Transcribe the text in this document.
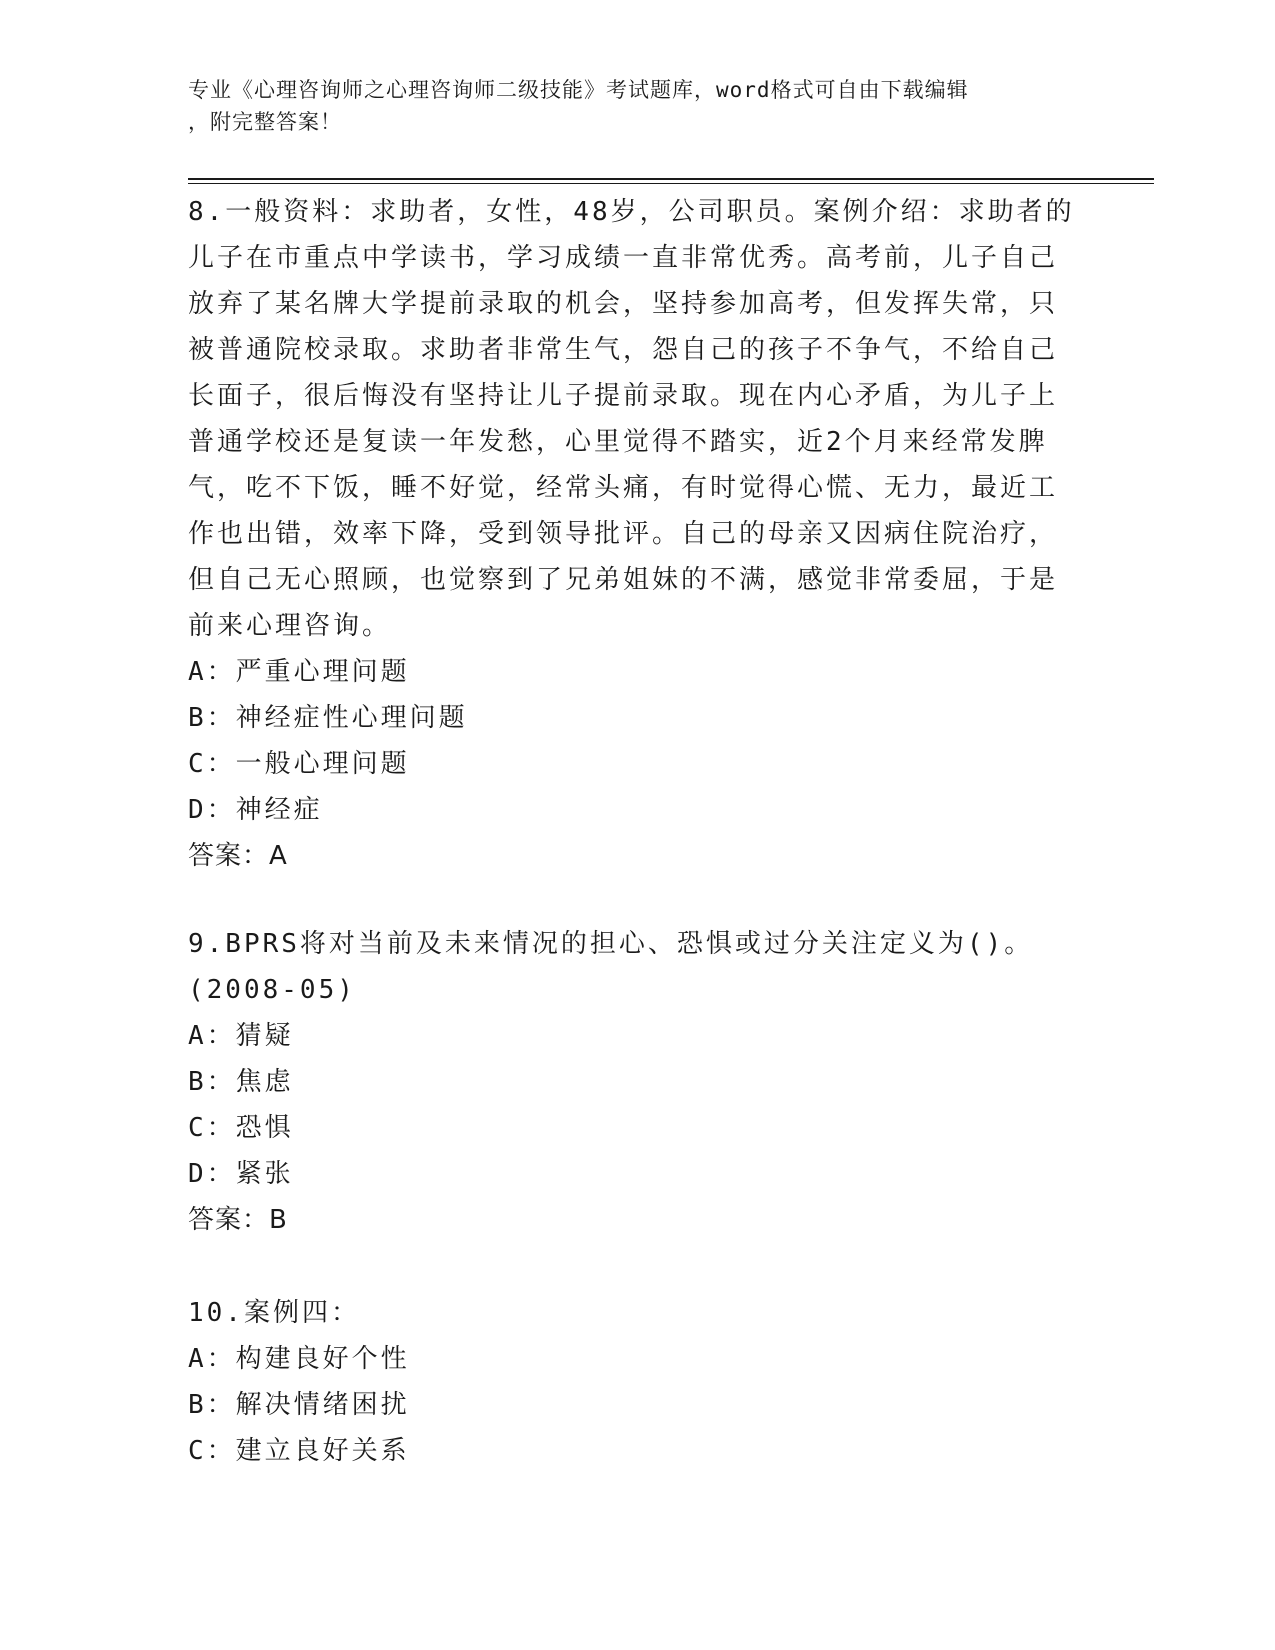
专业《心理咨询师之心理咨询师二级技能》考试题库，word格式可自由下载编辑
，附完整答案！
8.一般资料：求助者，女性，48岁，公司职员。案例介绍：求助者的
儿子在市重点中学读书，学习成绩一直非常优秀。高考前，儿子自己
放弃了某名牌大学提前录取的机会，坚持参加高考，但发挥失常，只
被普通院校录取。求助者非常生气，怨自己的孩子不争气，不给自己
长面子，很后悔没有坚持让儿子提前录取。现在内心矛盾，为儿子上
普通学校还是复读一年发愁，心里觉得不踏实，近2个月来经常发脾
气，吃不下饭，睡不好觉，经常头痛，有时觉得心慌、无力，最近工
作也出错，效率下降，受到领导批评。自己的母亲又因病住院治疗，
但自己无心照顾，也觉察到了兄弟姐妹的不满，感觉非常委屈，于是
前来心理咨询。
A：严重心理问题
B：神经症性心理问题
C：一般心理问题
D：神经症
答案：A
9.BPRS将对当前及未来情况的担心、恐惧或过分关注定义为()。
(2008-05)
A：猜疑
B：焦虑
C：恐惧
D：紧张
答案：B
10.案例四：
A：构建良好个性
B：解决情绪困扰
C：建立良好关系
